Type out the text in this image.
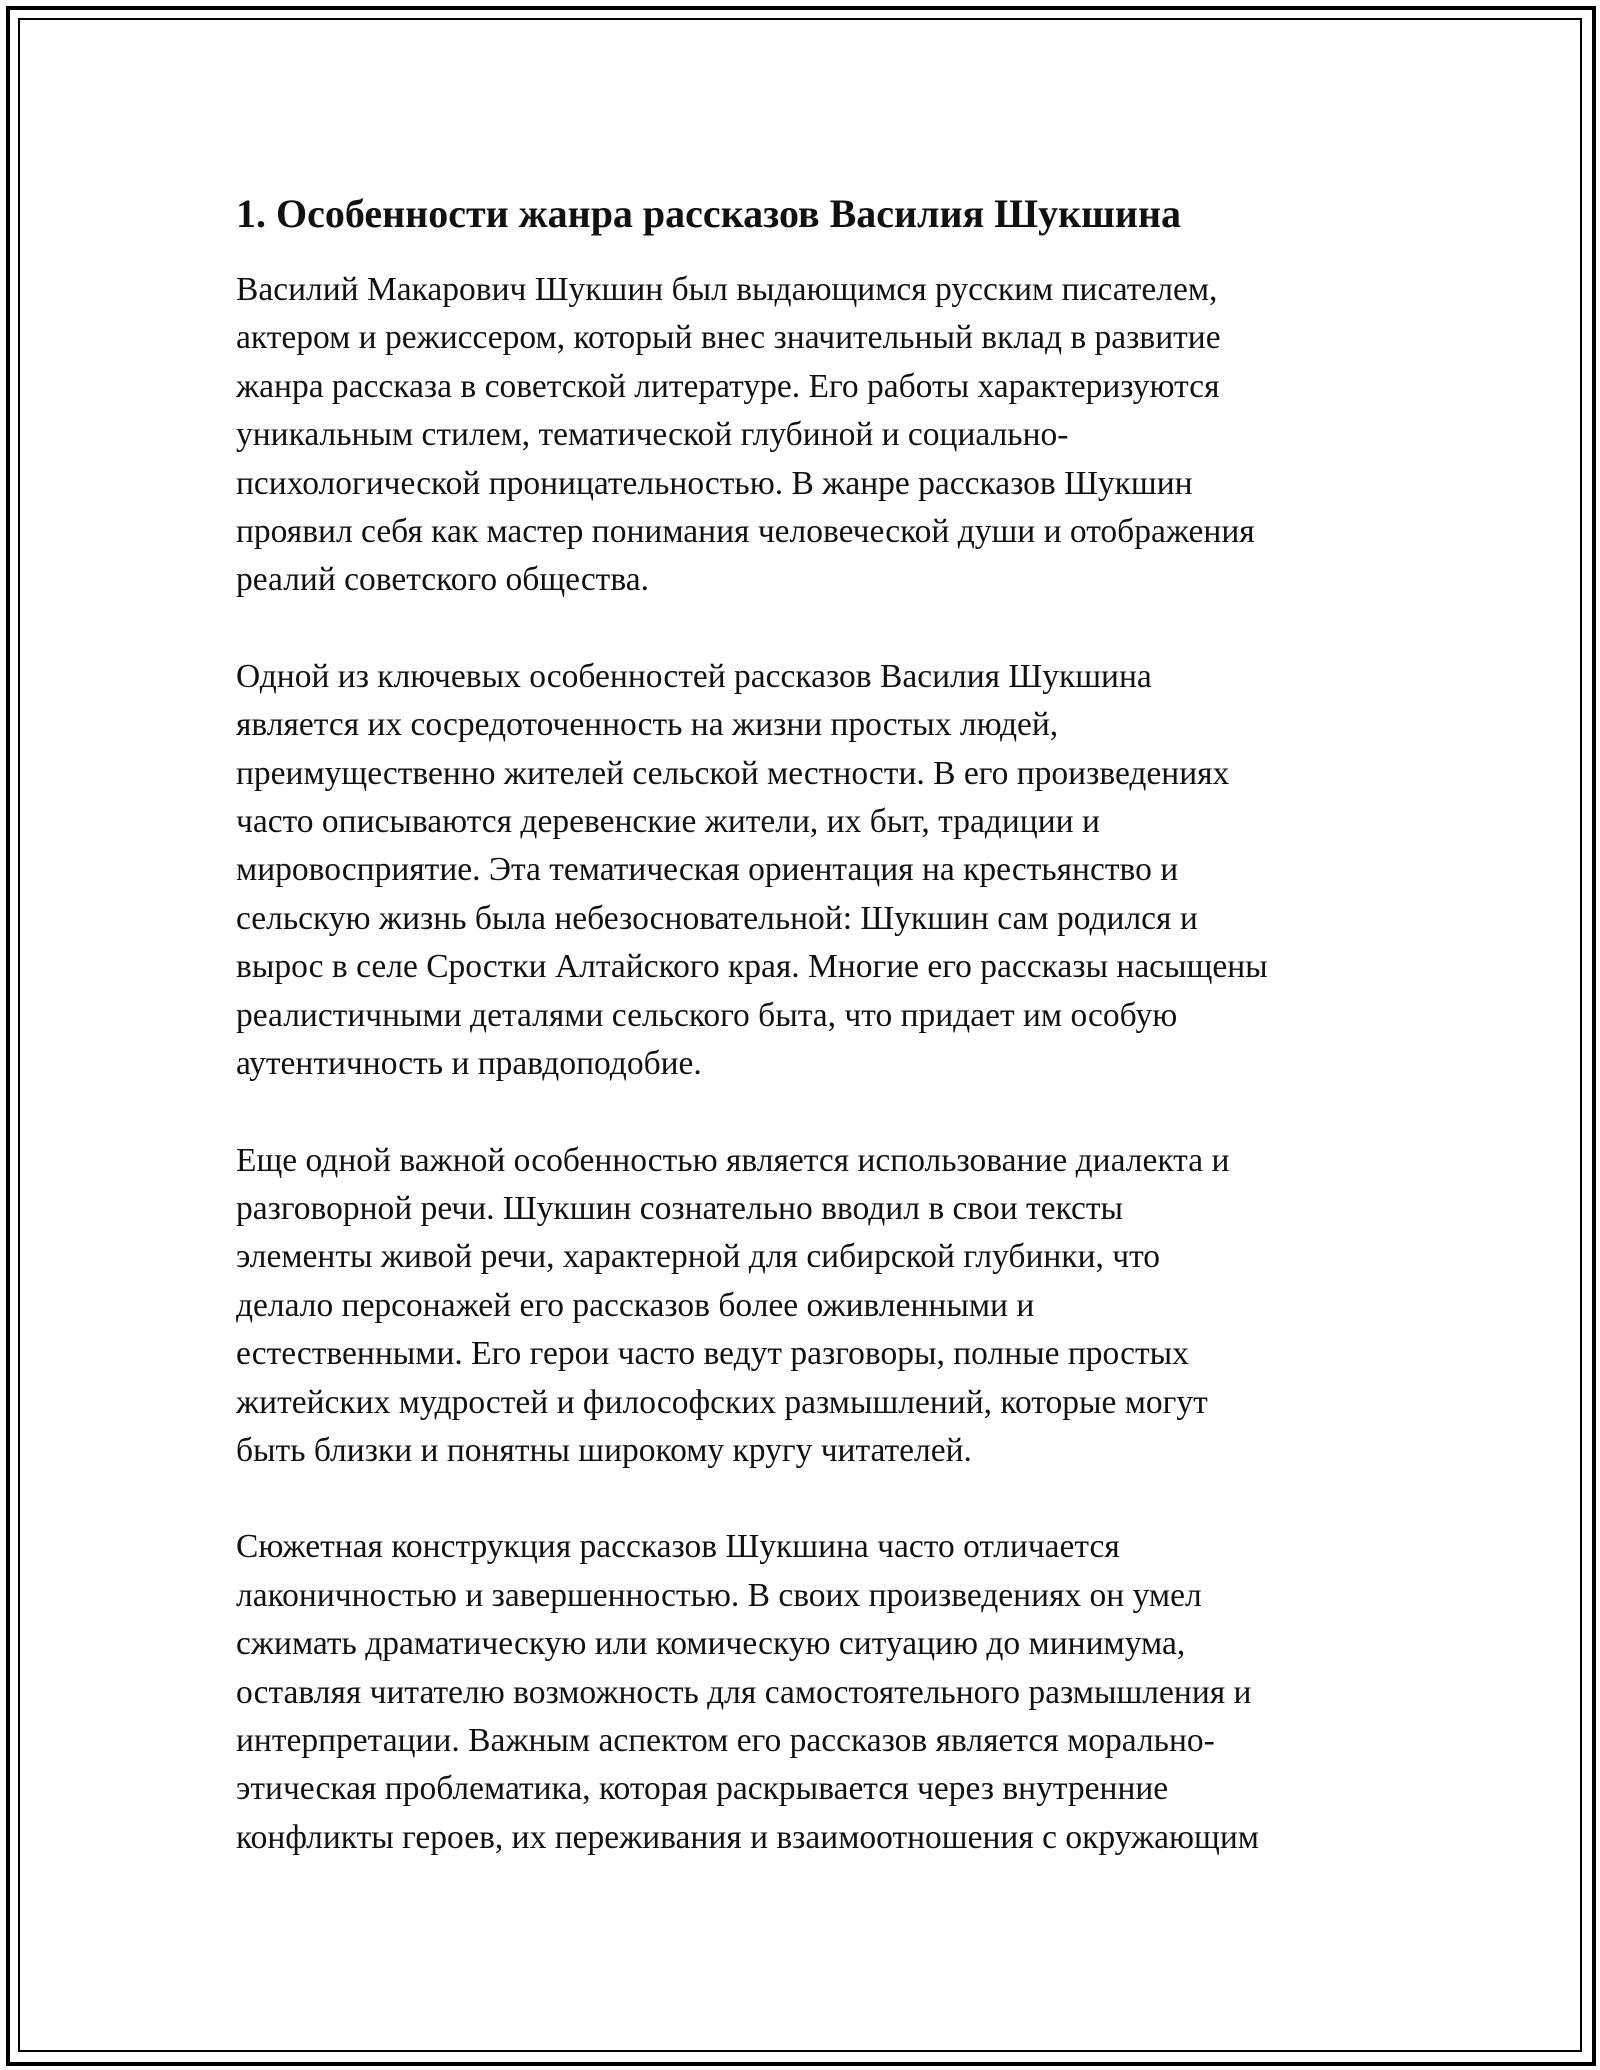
1. Особенности жанра рассказов Василия Шукшина

Василий Макарович Шукшин был выдающимся русским писателем,
актером и режиссером, который внес значительный вклад в развитие
жанра рассказа в советской литературе. Его работы характеризуются
уникальным стилем, тематической глубиной и социально-
психологической проницательностью. В жанре рассказов Шукшин
проявил себя как мастер понимания человеческой души и отображения
реалий советского общества.

Одной из ключевых особенностей рассказов Василия Шукшина
является их сосредоточенность на жизни простых людей,
преимущественно жителей сельской местности. В его произведениях
часто описываются деревенские жители, их быт, традиции и
мировосприятие. Эта тематическая ориентация на крестьянство и
сельскую жизнь была небезосновательной: Шукшин сам родился и
вырос в селе Сростки Алтайского края. Многие его рассказы насыщены
реалистичными деталями сельского быта, что придает им особую
аутентичность и правдоподобие.

Еще одной важной особенностью является использование диалекта и
разговорной речи. Шукшин сознательно вводил в свои тексты
элементы живой речи, характерной для сибирской глубинки, что
делало персонажей его рассказов более оживленными и
естественными. Его герои часто ведут разговоры, полные простых
житейских мудростей и философских размышлений, которые могут
быть близки и понятны широкому кругу читателей.

Сюжетная конструкция рассказов Шукшина часто отличается
лаконичностью и завершенностью. В своих произведениях он умел
сжимать драматическую или комическую ситуацию до минимума,
оставляя читателю возможность для самостоятельного размышления и
интерпретации. Важным аспектом его рассказов является морально-
этическая проблематика, которая раскрывается через внутренние
конфликты героев, их переживания и взаимоотношения с окружающим
